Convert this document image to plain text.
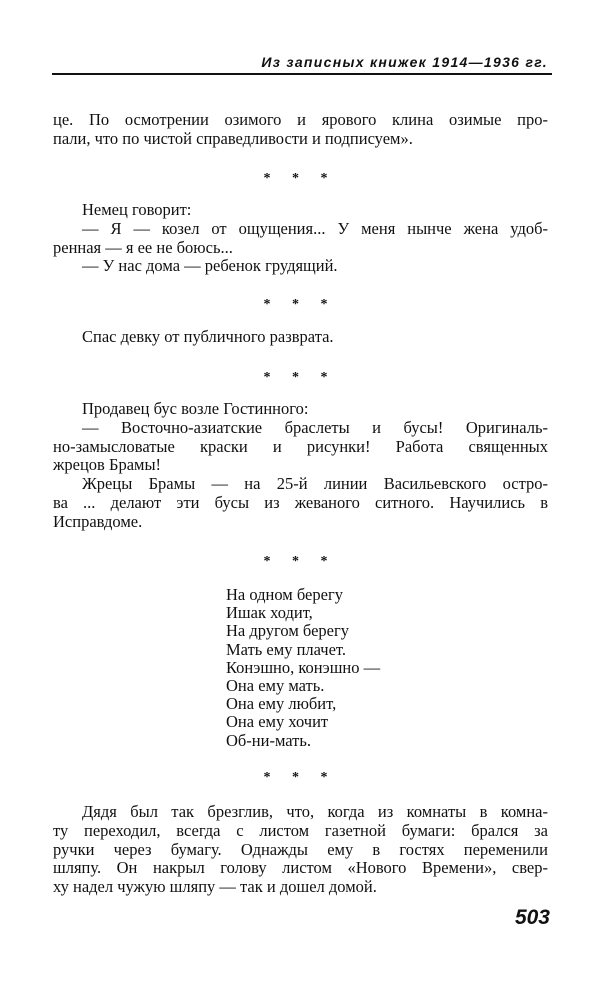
Из записных книжек 1914—1936 гг.
це. По осмотрении озимого и ярового клина озимые про-
пали, что по чистой справедливости и подписуем».
* * *
Немец говорит:
— Я — козел от ощущения... У меня нынче жена удоб-
ренная — я ее не боюсь...
— У нас дома — ребенок грудящий.
* * *
Спас девку от публичного разврата.
* * *
Продавец бус возле Гостинного:
— Восточно-азиатские браслеты и бусы! Оригиналь-
но-замысловатые краски и рисунки! Работа священных
жрецов Брамы!
Жрецы Брамы — на 25-й линии Васильевского остро-
ва ... делают эти бусы из жеваного ситного. Научились в
Исправдоме.
* * *
На одном берегу
Ишак ходит,
На другом берегу
Мать ему плачет.
Конэшно, конэшно —
Она ему мать.
Она ему любит,
Она ему хочит
Об-ни-мать.
* * *
Дядя был так брезглив, что, когда из комнаты в комна-
ту переходил, всегда с листом газетной бумаги: брался за
ручки через бумагу. Однажды ему в гостях переменили
шляпу. Он накрыл голову листом «Нового Времени», свер-
ху надел чужую шляпу — так и дошел домой.
503
